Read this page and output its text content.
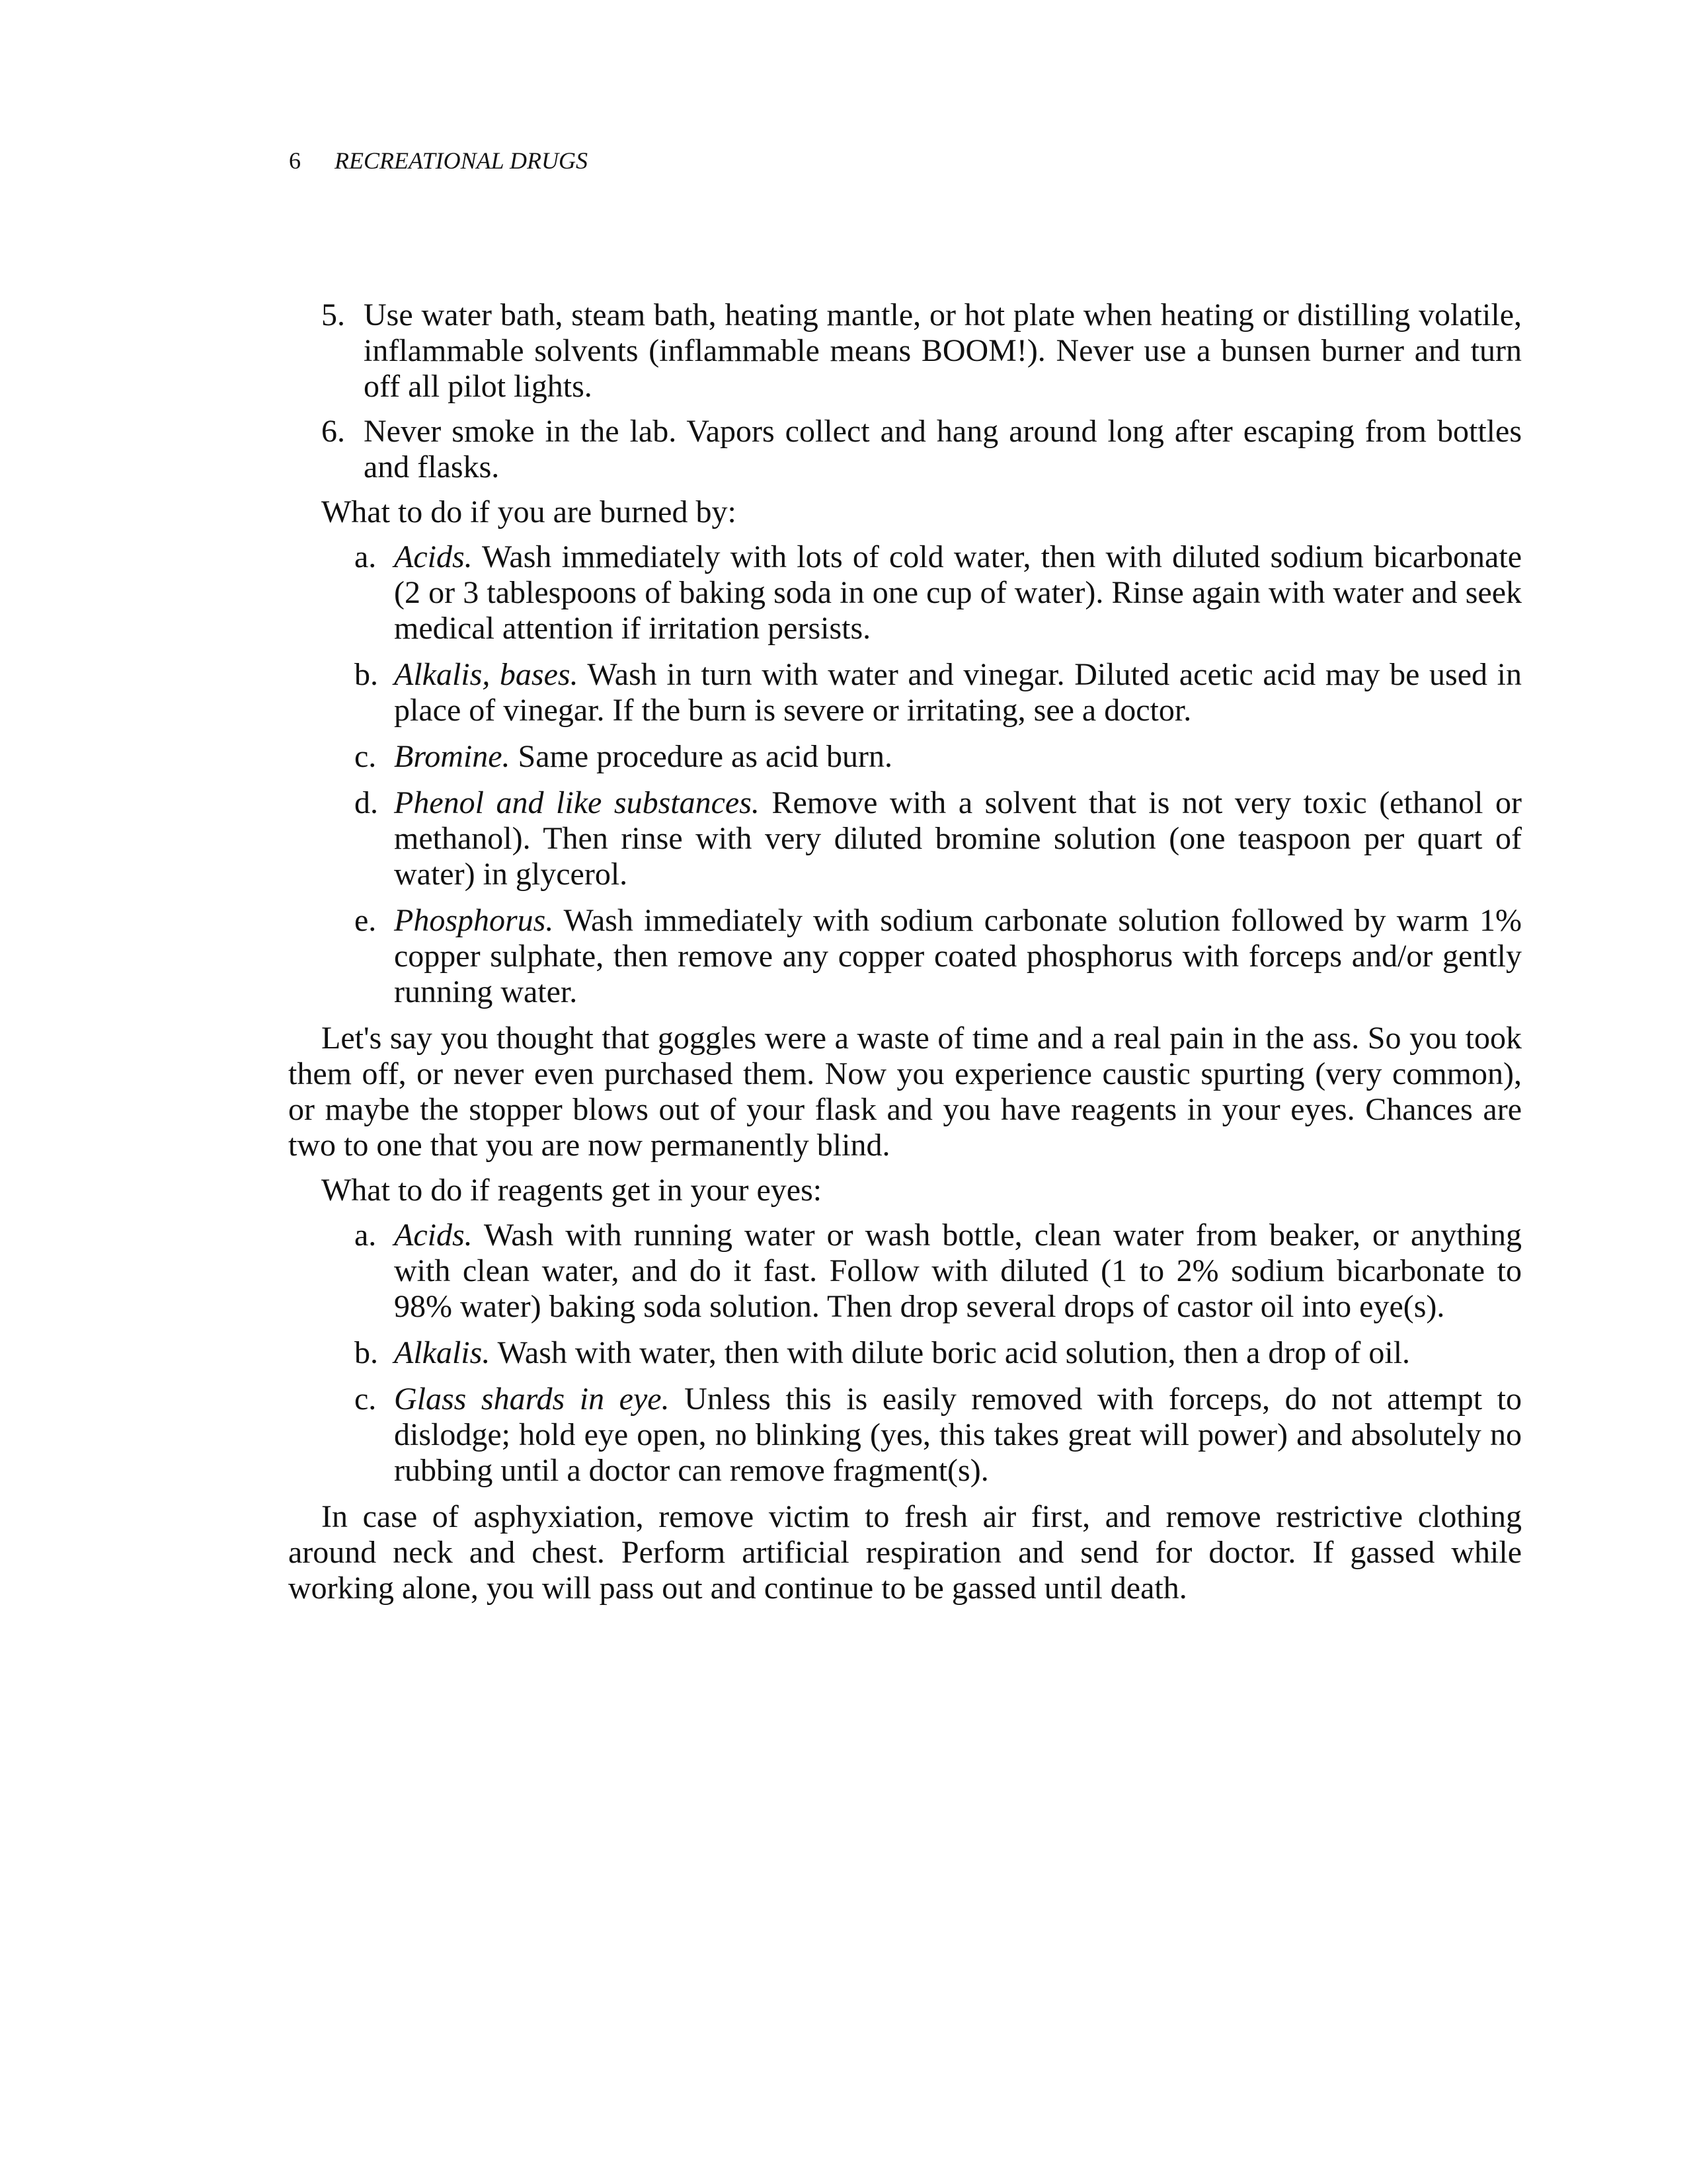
6 RECREATIONAL DRUGS
5. Use water bath, steam bath, heating mantle, or hot plate when heating or distilling volatile, inflammable solvents (inflammable means BOOM!). Never use a bunsen burner and turn off all pilot lights.
6. Never smoke in the lab. Vapors collect and hang around long after escaping from bottles and flasks.
What to do if you are burned by:
a. Acids. Wash immediately with lots of cold water, then with diluted sodium bicarbonate (2 or 3 tablespoons of baking soda in one cup of water). Rinse again with water and seek medical attention if irritation persists.
b. Alkalis, bases. Wash in turn with water and vinegar. Diluted acetic acid may be used in place of vinegar. If the burn is severe or irritating, see a doctor.
c. Bromine. Same procedure as acid burn.
d. Phenol and like substances. Remove with a solvent that is not very toxic (ethanol or methanol). Then rinse with very diluted bromine solution (one teaspoon per quart of water) in glycerol.
e. Phosphorus. Wash immediately with sodium carbonate solution followed by warm 1% copper sulphate, then remove any copper coated phosphorus with forceps and/or gently running water.
Let's say you thought that goggles were a waste of time and a real pain in the ass. So you took them off, or never even purchased them. Now you experience caustic spurting (very common), or maybe the stopper blows out of your flask and you have reagents in your eyes. Chances are two to one that you are now permanently blind.
What to do if reagents get in your eyes:
a. Acids. Wash with running water or wash bottle, clean water from beaker, or anything with clean water, and do it fast. Follow with diluted (1 to 2% sodium bicarbonate to 98% water) baking soda solution. Then drop several drops of castor oil into eye(s).
b. Alkalis. Wash with water, then with dilute boric acid solution, then a drop of oil.
c. Glass shards in eye. Unless this is easily removed with forceps, do not attempt to dislodge; hold eye open, no blinking (yes, this takes great will power) and absolutely no rubbing until a doctor can remove fragment(s).
In case of asphyxiation, remove victim to fresh air first, and remove restrictive clothing around neck and chest. Perform artificial respiration and send for doctor. If gassed while working alone, you will pass out and continue to be gassed until death.
